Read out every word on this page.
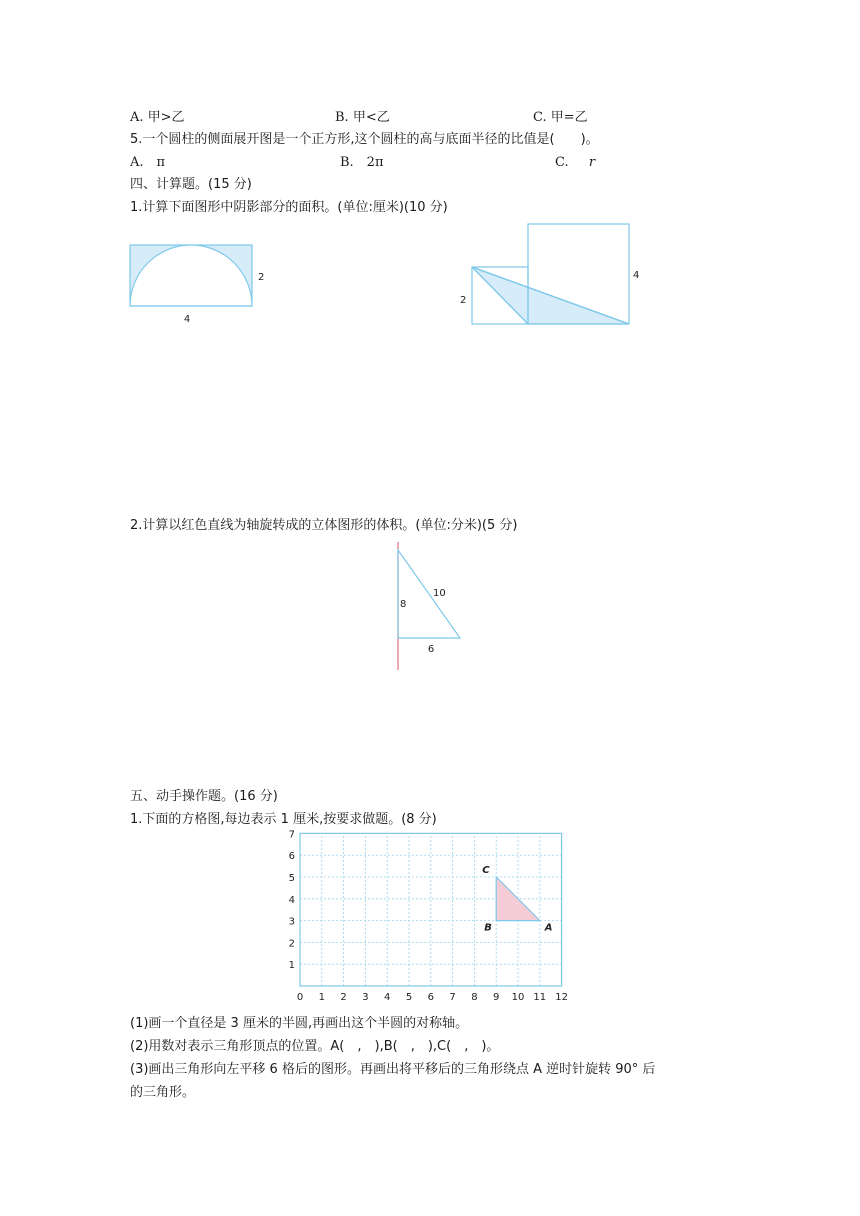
A. 甲>乙	B. 甲<乙	C. 甲=乙
5.一个圆柱的侧面展开图是一个正方形,这个圆柱的高与底面半径的比值是(　　)。
A.　π	B.　2π	C. r
四、计算题。(15 分)
1.计算下面图形中阴影部分的面积。(单位:厘米)(10 分)
2
4
2
4
2.计算以红色直线为轴旋转成的立体图形的体积。(单位:分米)(5 分)
8
10
6
五、动手操作题。(16 分)
1.下面的方格图,每边表示 1 厘米,按要求做题。(8 分)
A
B
C
0 1 2 3 4 5 6 7 8 9 10 11 12
1
2
3
4
5
6
7
(1)画一个直径是 3 厘米的半圆,再画出这个半圆的对称轴。
(2)用数对表示三角形顶点的位置。A(　,　),B(　,　),C(　,　)。
(3)画出三角形向左平移 6 格后的图形。再画出将平移后的三角形绕点 A 逆时针旋转 90° 后
的三角形。
